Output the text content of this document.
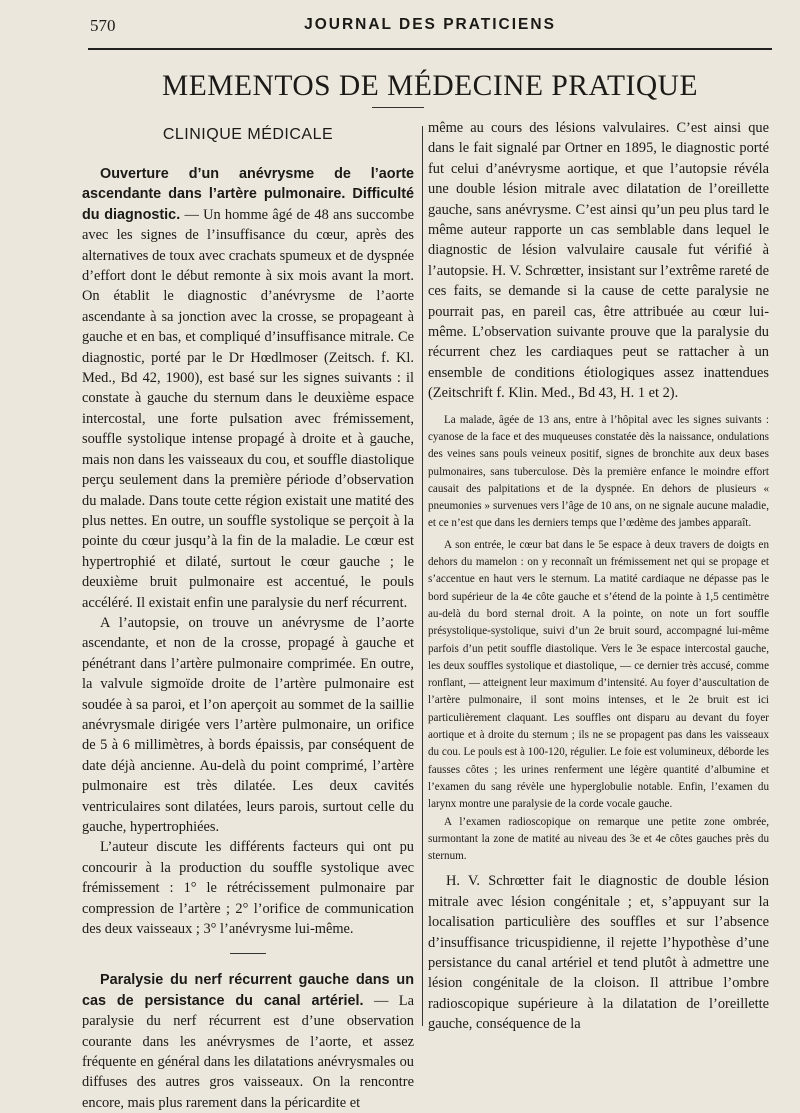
570	JOURNAL DES PRATICIENS
MEMENTOS DE MÉDECINE PRATIQUE
CLINIQUE MÉDICALE

Ouverture d’un anévrysme de l’aorte ascendante dans l’artère pulmonaire. Difficulté du diagnostic. — Un homme âgé de 48 ans succombe avec les signes de l’insuffisance du cœur, après des alternatives de toux avec crachats spumeux et de dyspnée d’effort dont le début remonte à six mois avant la mort. On établit le diagnostic d’anévrysme de l’aorte ascendante à sa jonction avec la crosse, se propageant à gauche et en bas, et compliqué d’insuffisance mitrale. Ce diagnostic, porté par le Dr Hœdlmoser (Zeitsch. f. Kl. Med., Bd 42, 1900), est basé sur les signes suivants : il constate à gauche du sternum dans le deuxième espace intercostal, une forte pulsation avec frémissement, souffle systolique intense propagé à droite et à gauche, mais non dans les vaisseaux du cou, et souffle diastolique perçu seulement dans la première période d’observation du malade. Dans toute cette région existait une matité des plus nettes. En outre, un souffle systolique se perçoit à la pointe du cœur jusqu’à la fin de la maladie. Le cœur est hypertrophié et dilaté, surtout le cœur gauche ; le deuxième bruit pulmonaire est accentué, le pouls accéléré. Il existait enfin une paralysie du nerf récurrent.

A l’autopsie, on trouve un anévrysme de l’aorte ascendante, et non de la crosse, propagé à gauche et pénétrant dans l’artère pulmonaire comprimée. En outre, la valvule sigmoïde droite de l’artère pulmonaire est soudée à sa paroi, et l’on aperçoit au sommet de la saillie anévrysmale dirigée vers l’artère pulmonaire, un orifice de 5 à 6 millimètres, à bords épaissis, par conséquent de date déjà ancienne. Au-delà du point comprimé, l’artère pulmonaire est très dilatée. Les deux cavités ventriculaires sont dilatées, leurs parois, surtout celle du gauche, hypertrophiées.

L’auteur discute les différents facteurs qui ont pu concourir à la production du souffle systolique avec frémissement : 1° le rétrécissement pulmonaire par compression de l’artère ; 2° l’orifice de communication des deux vaisseaux ; 3° l’anévrysme lui-même.

Paralysie du nerf récurrent gauche dans un cas de persistance du canal artériel. — La paralysie du nerf récurrent est d’une observation courante dans les anévrysmes de l’aorte, et assez fréquente en général dans les dilatations anévrysmales ou diffuses des autres gros vaisseaux. On la rencontre encore, mais plus rarement dans la péricardite et

même au cours des lésions valvulaires. C’est ainsi que dans le fait signalé par Ortner en 1895, le diagnostic porté fut celui d’anévrysme aortique, et que l’autopsie révéla une double lésion mitrale avec dilatation de l’oreillette gauche, sans anévrysme. C’est ainsi qu’un peu plus tard le même auteur rapporte un cas semblable dans lequel le diagnostic de lésion valvulaire causale fut vérifié à l’autopsie. H. V. Schrœtter, insistant sur l’extrême rareté de ces faits, se demande si la cause de cette paralysie ne pourrait pas, en pareil cas, être attribuée au cœur lui-même. L’observation suivante prouve que la paralysie du récurrent chez les cardiaques peut se rattacher à un ensemble de conditions étiologiques assez inattendues (Zeitschrift f. Klin. Med., Bd 43, H. 1 et 2).

La malade, âgée de 13 ans, entre à l’hôpital avec les signes suivants : cyanose de la face et des muqueuses constatée dès la naissance, ondulations des veines sans pouls veineux positif, signes de bronchite aux deux bases pulmonaires, sans tuberculose. Dès la première enfance le moindre effort causait des palpitations et de la dyspnée. En dehors de plusieurs « pneumonies » survenues vers l’âge de 10 ans, on ne signale aucune maladie, et ce n’est que dans les derniers temps que l’œdème des jambes apparaît.

A son entrée, le cœur bat dans le 5e espace à deux travers de doigts en dehors du mamelon : on y reconnaît un frémissement net qui se propage et s’accentue en haut vers le sternum. La matité cardiaque ne dépasse pas le bord supérieur de la 4e côte gauche et s’étend de la pointe à 1,5 centimètre au-delà du bord sternal droit. A la pointe, on note un fort souffle présystolique-systolique, suivi d’un 2e bruit sourd, accompagné lui-même parfois d’un petit souffle diastolique. Vers le 3e espace intercostal gauche, les deux souffles systolique et diastolique, — ce dernier très accusé, comme ronflant, — atteignent leur maximum d’intensité. Au foyer d’auscultation de l’artère pulmonaire, il sont moins intenses, et le 2e bruit est ici particulièrement claquant. Les souffles ont disparu au devant du foyer aortique et à droite du sternum ; ils ne se propagent pas dans les vaisseaux du cou. Le pouls est à 100-120, régulier. Le foie est volumineux, déborde les fausses côtes ; les urines renferment une légère quantité d’albumine et l’examen du sang révèle une hyperglobulie notable. Enfin, l’examen du larynx montre une paralysie de la corde vocale gauche.

A l’examen radioscopique on remarque une petite zone ombrée, surmontant la zone de matité au niveau des 3e et 4e côtes gauches près du sternum.

H. V. Schrœtter fait le diagnostic de double lésion mitrale avec lésion congénitale ; et, s’appuyant sur la localisation particulière des souffles et sur l’absence d’insuffisance tricuspidienne, il rejette l’hypothèse d’une persistance du canal artériel et tend plutôt à admettre une lésion congénitale de la cloison. Il attribue l’ombre radioscopique supérieure à la dilatation de l’oreillette gauche, conséquence de la
